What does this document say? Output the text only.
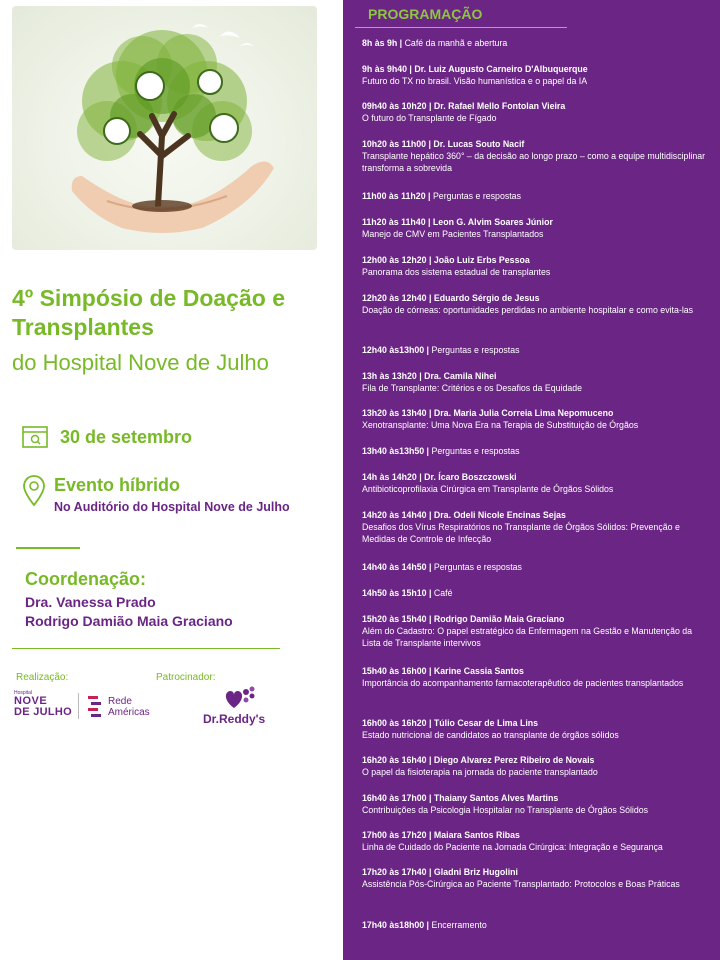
4º Simpósio de Doação e Transplantes
do Hospital Nove de Julho
30 de setembro
Evento híbrido
No Auditório do Hospital Nove de Julho
Coordenação:
Dra. Vanessa Prado
Rodrigo Damião Maia Graciano
Realização:	Patrocinador:
Hospital
NOVE
DE JULHO
Rede
Américas	Dr.Reddy's
PROGRAMAÇÃO
8h às 9h | Café da manhã e abertura
9h às 9h40 | Dr. Luiz Augusto Carneiro D'Albuquerque
Futuro do TX no brasil. Visão humanística e o papel da IA
09h40 às 10h20 | Dr. Rafael Mello Fontolan Vieira
O futuro do Transplante de Fígado
10h20 às 11h00 | Dr. Lucas Souto Nacif
Transplante hepático 360° – da decisão ao longo prazo – como a equipe multidisciplinar transforma a sobrevida
11h00 às 11h20 | Perguntas e respostas
11h20 às 11h40 | Leon G. Alvim Soares Júnior
Manejo de CMV em Pacientes Transplantados
12h00 às 12h20 | João Luiz Erbs Pessoa
Panorama dos sistema estadual de transplantes
12h20 às 12h40 | Eduardo Sérgio de Jesus
Doação de córneas: oportunidades perdidas no ambiente hospitalar e como evita-las
12h40 às13h00 | Perguntas e respostas
13h às 13h20 | Dra. Camila Nihei
Fila de Transplante: Critérios e os Desafios da Equidade
13h20 às 13h40 | Dra. Maria Julia Correia Lima Nepomuceno
Xenotransplante: Uma Nova Era na Terapia de Substituição de Órgãos
13h40 às13h50 | Perguntas e respostas
14h às 14h20 | Dr. Ícaro Boszczowski
Antibioticoprofilaxia Cirúrgica em Transplante de Órgãos Sólidos
14h20 às 14h40 | Dra. Odeli Nicole Encinas Sejas
Desafios dos Vírus Respiratórios no Transplante de Órgãos Sólidos: Prevenção e Medidas de Controle de Infecção
14h40 às 14h50 | Perguntas e respostas
14h50 às 15h10 | Café
15h20 às 15h40 | Rodrigo Damião Maia Graciano
Além do Cadastro: O papel estratégico da Enfermagem na Gestão e Manutenção da Lista de Transplante intervivos
15h40 às 16h00 | Karine Cassia Santos
Importância do acompanhamento farmacoterapêutico de pacientes transplantados
16h00 às 16h20 | Túlio Cesar de Lima Lins
Estado nutricional de candidatos ao transplante de órgãos sólidos
16h20 às 16h40 | Diego Alvarez Perez Ribeiro de Novais
O papel da fisioterapia na jornada do paciente transplantado
16h40 às 17h00 | Thaiany Santos Alves Martins
Contribuições da Psicologia Hospitalar no Transplante de Órgãos Sólidos
17h00 às 17h20 | Maiara Santos Ribas
Linha de Cuidado do Paciente na Jornada Cirúrgica: Integração e Segurança
17h20 às 17h40 | Gladni Briz Hugolini
Assistência Pós-Cirúrgica ao Paciente Transplantado: Protocolos e Boas Práticas
17h40 às18h00 | Encerramento
